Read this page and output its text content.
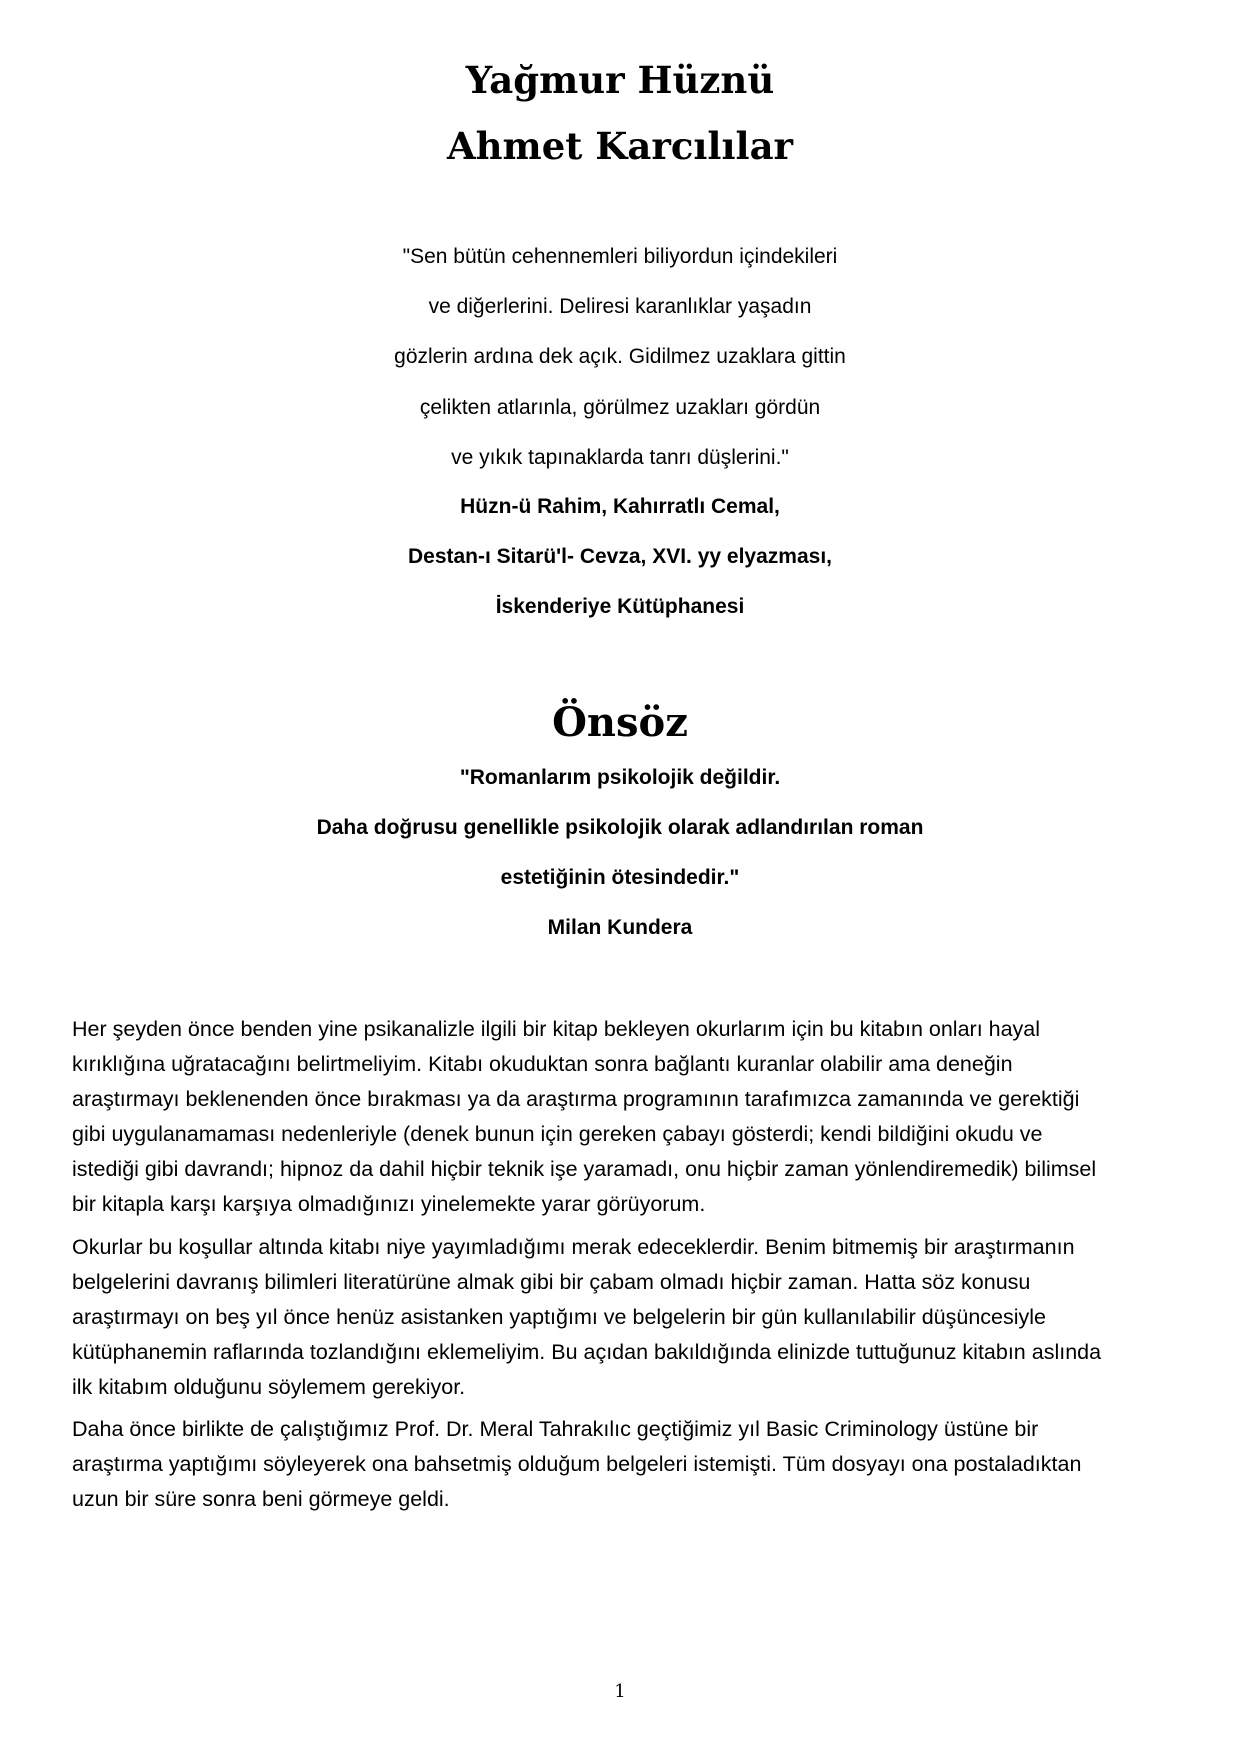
Yağmur Hüznü
Ahmet Karcılılar
"Sen bütün cehennemleri biliyordun içindekileri
ve diğerlerini. Deliresi karanlıklar yaşadın
gözlerin ardına dek açık. Gidilmez uzaklara gittin
çelikten atlarınla, görülmez uzakları gördün
ve yıkık tapınaklarda tanrı düşlerini."
Hüzn-ü Rahim, Kahırratlı Cemal,
Destan-ı Sitarü'l- Cevza, XVI. yy elyazması,
İskenderiye Kütüphanesi
Önsöz
"Romanlarım psikolojik değildir.
Daha doğrusu genellikle psikolojik olarak adlandırılan roman
estetiğinin ötesindedir."
Milan Kundera
Her şeyden önce benden yine psikanalizle ilgili bir kitap bekleyen okurlarım için bu kitabın onları hayal
kırıklığına uğratacağını belirtmeliyim. Kitabı okuduktan sonra bağlantı kuranlar olabilir ama deneğin
araştırmayı beklenenden önce bırakması ya da araştırma programının tarafımızca zamanında ve gerektiği
gibi uygulanamaması nedenleriyle (denek bunun için gereken çabayı gösterdi; kendi bildiğini okudu ve
istediği gibi davrandı; hipnoz da dahil hiçbir teknik işe yaramadı, onu hiçbir zaman yönlendiremedik) bilimsel
bir kitapla karşı karşıya olmadığınızı yinelemekte yarar görüyorum.
Okurlar bu koşullar altında kitabı niye yayımladığımı merak edeceklerdir. Benim bitmemiş bir araştırmanın
belgelerini davranış bilimleri literatürüne almak gibi bir çabam olmadı hiçbir zaman. Hatta söz konusu
araştırmayı on beş yıl önce henüz asistanken yaptığımı ve belgelerin bir gün kullanılabilir düşüncesiyle
kütüphanemin raflarında tozlandığını eklemeliyim. Bu açıdan bakıldığında elinizde tuttuğunuz kitabın aslında
ilk kitabım olduğunu söylemem gerekiyor.
Daha önce birlikte de çalıştığımız Prof. Dr. Meral Tahrakılıc geçtiğimiz yıl Basic Criminology üstüne bir
araştırma yaptığımı söyleyerek ona bahsetmiş olduğum belgeleri istemişti. Tüm dosyayı ona postaladıktan
uzun bir süre sonra beni görmeye geldi.
1
